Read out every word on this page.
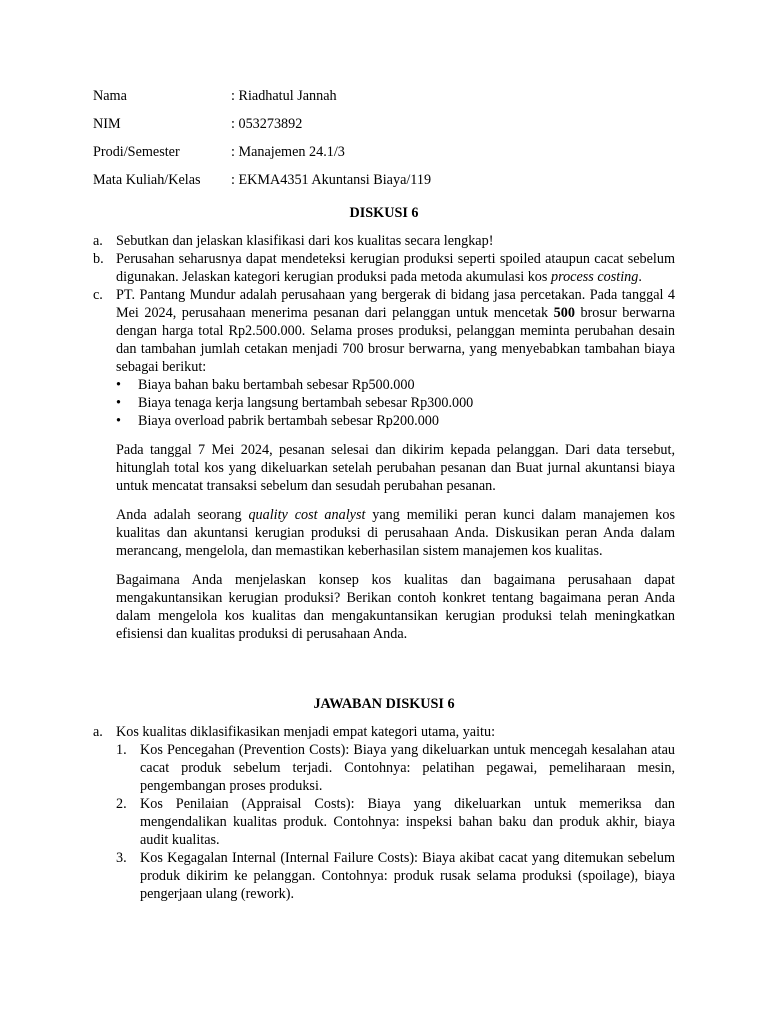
Nama	: Riadhatul Jannah
NIM	: 053273892
Prodi/Semester	: Manajemen 24.1/3
Mata Kuliah/Kelas	: EKMA4351 Akuntansi Biaya/119
DISKUSI 6
a. Sebutkan dan jelaskan klasifikasi dari kos kualitas secara lengkap!
b. Perusahan seharusnya dapat mendeteksi kerugian produksi seperti spoiled ataupun cacat sebelum digunakan. Jelaskan kategori kerugian produksi pada metoda akumulasi kos process costing.
c. PT. Pantang Mundur adalah perusahaan yang bergerak di bidang jasa percetakan. Pada tanggal 4 Mei 2024, perusahaan menerima pesanan dari pelanggan untuk mencetak 500 brosur berwarna dengan harga total Rp2.500.000. Selama proses produksi, pelanggan meminta perubahan desain dan tambahan jumlah cetakan menjadi 700 brosur berwarna, yang menyebabkan tambahan biaya sebagai berikut:
•	Biaya bahan baku bertambah sebesar Rp500.000
•	Biaya tenaga kerja langsung bertambah sebesar Rp300.000
•	Biaya overload pabrik bertambah sebesar Rp200.000
Pada tanggal 7 Mei 2024, pesanan selesai dan dikirim kepada pelanggan. Dari data tersebut, hitunglah total kos yang dikeluarkan setelah perubahan pesanan dan Buat jurnal akuntansi biaya untuk mencatat transaksi sebelum dan sesudah perubahan pesanan.
Anda adalah seorang quality cost analyst yang memiliki peran kunci dalam manajemen kos kualitas dan akuntansi kerugian produksi di perusahaan Anda. Diskusikan peran Anda dalam merancang, mengelola, dan memastikan keberhasilan sistem manajemen kos kualitas.
Bagaimana Anda menjelaskan konsep kos kualitas dan bagaimana perusahaan dapat mengakuntansikan kerugian produksi? Berikan contoh konkret tentang bagaimana peran Anda dalam mengelola kos kualitas dan mengakuntansikan kerugian produksi telah meningkatkan efisiensi dan kualitas produksi di perusahaan Anda.
JAWABAN DISKUSI 6
a. Kos kualitas diklasifikasikan menjadi empat kategori utama, yaitu:
1. Kos Pencegahan (Prevention Costs): Biaya yang dikeluarkan untuk mencegah kesalahan atau cacat produk sebelum terjadi. Contohnya: pelatihan pegawai, pemeliharaan mesin, pengembangan proses produksi.
2. Kos Penilaian (Appraisal Costs): Biaya yang dikeluarkan untuk memeriksa dan mengendalikan kualitas produk. Contohnya: inspeksi bahan baku dan produk akhir, biaya audit kualitas.
3. Kos Kegagalan Internal (Internal Failure Costs): Biaya akibat cacat yang ditemukan sebelum produk dikirim ke pelanggan. Contohnya: produk rusak selama produksi (spoilage), biaya pengerjaan ulang (rework).
